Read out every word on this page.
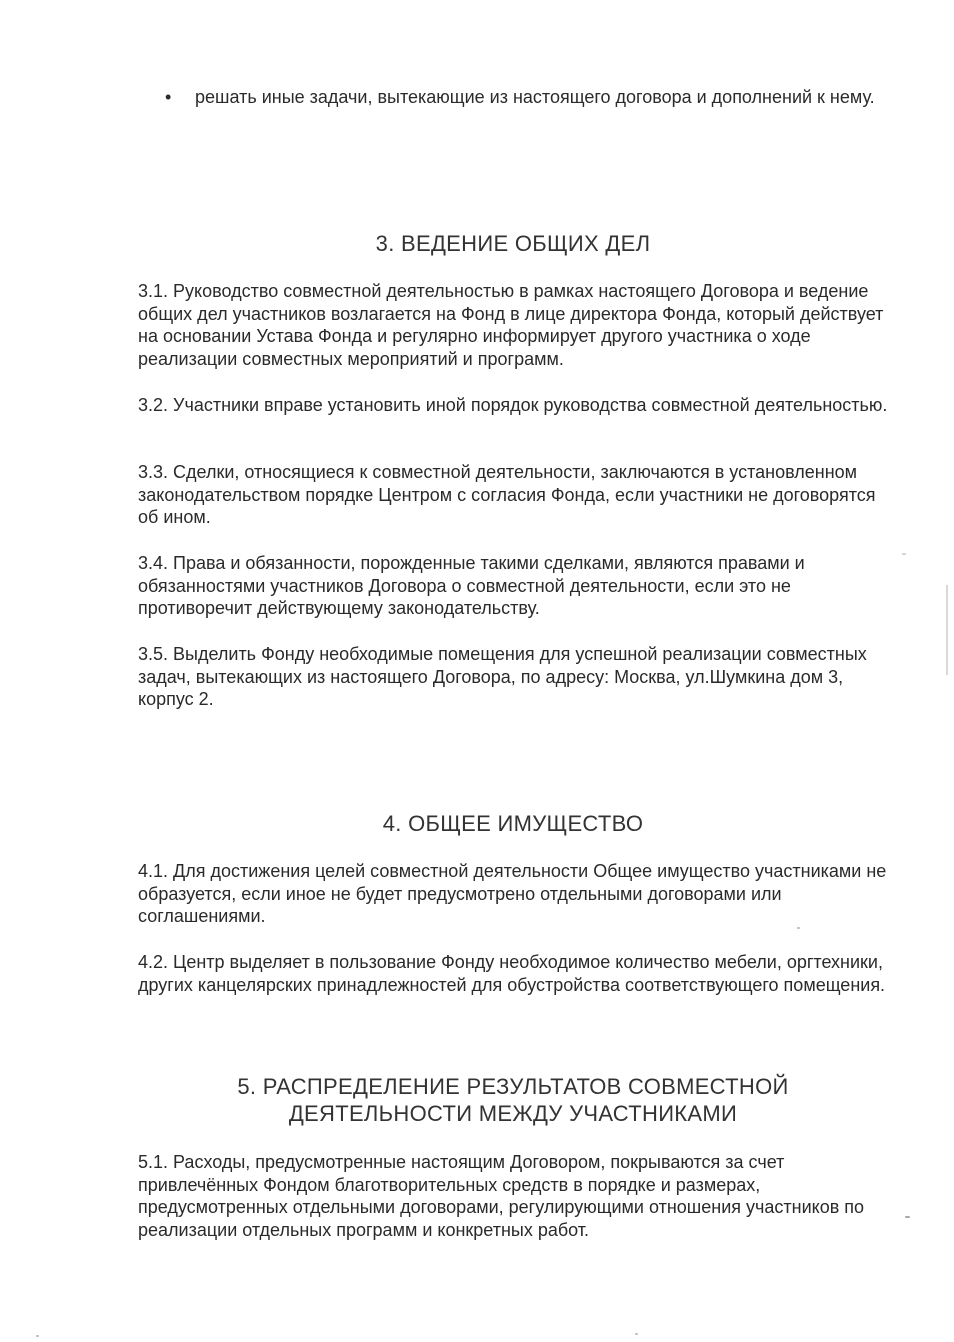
• решать иные задачи, вытекающие из настоящего договора и дополнений к нему.
3. ВЕДЕНИЕ ОБЩИХ ДЕЛ
3.1. Руководство совместной деятельностью в рамках настоящего Договора и ведение общих дел участников возлагается на Фонд в лице директора Фонда, который действует на основании Устава Фонда и регулярно информирует другого участника о ходе реализации совместных мероприятий и программ.
3.2. Участники вправе установить иной порядок руководства совместной деятельностью.
3.3. Сделки, относящиеся к совместной деятельности, заключаются в установленном законодательством порядке Центром с согласия Фонда, если участники не договорятся об ином.
3.4. Права и обязанности, порожденные такими сделками, являются правами и обязанностями участников Договора о совместной деятельности, если это не противоречит действующему законодательству.
3.5. Выделить Фонду необходимые помещения для успешной реализации совместных задач, вытекающих из настоящего Договора, по адресу: Москва, ул.Шумкина дом 3, корпус 2.
4. ОБЩЕЕ ИМУЩЕСТВО
4.1. Для достижения целей совместной деятельности Общее имущество участниками не образуется, если иное не будет предусмотрено отдельными договорами или соглашениями.
4.2. Центр выделяет в пользование Фонду необходимое количество мебели, оргтехники, других канцелярских принадлежностей для обустройства соответствующего помещения.
5. РАСПРЕДЕЛЕНИЕ РЕЗУЛЬТАТОВ СОВМЕСТНОЙ
ДЕЯТЕЛЬНОСТИ МЕЖДУ УЧАСТНИКАМИ
5.1. Расходы, предусмотренные настоящим Договором, покрываются за счет привлечённых Фондом благотворительных средств в порядке и размерах, предусмотренных отдельными договорами, регулирующими отношения участников по реализации отдельных программ и конкретных работ.
